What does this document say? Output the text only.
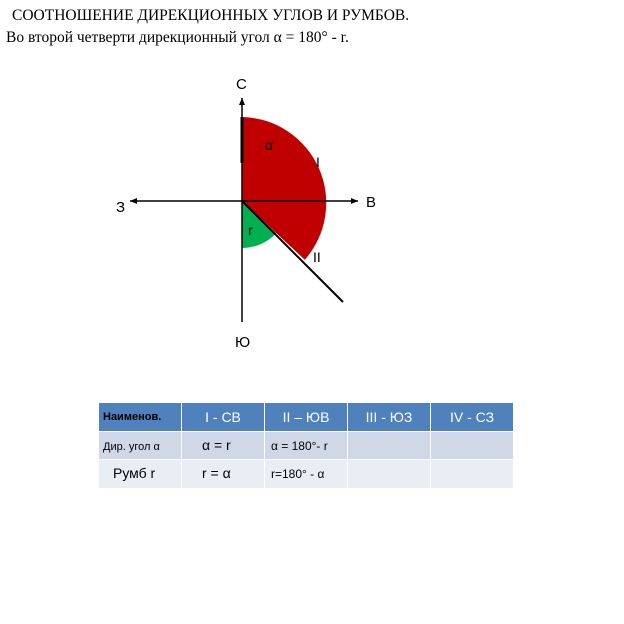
СООТНОШЕНИЕ ДИРЕКЦИОННЫХ УГЛОВ И РУМБОВ.
Во второй четверти дирекционный угол α = 180° - r.
С
Ю
З	В
I
II
α
r
Наименов.	I - СВ	II – ЮВ	III - ЮЗ	IV - СЗ
Дир. угол α	α = r	α = 180°- r		
Румб r	r = α	r=180° - α		
